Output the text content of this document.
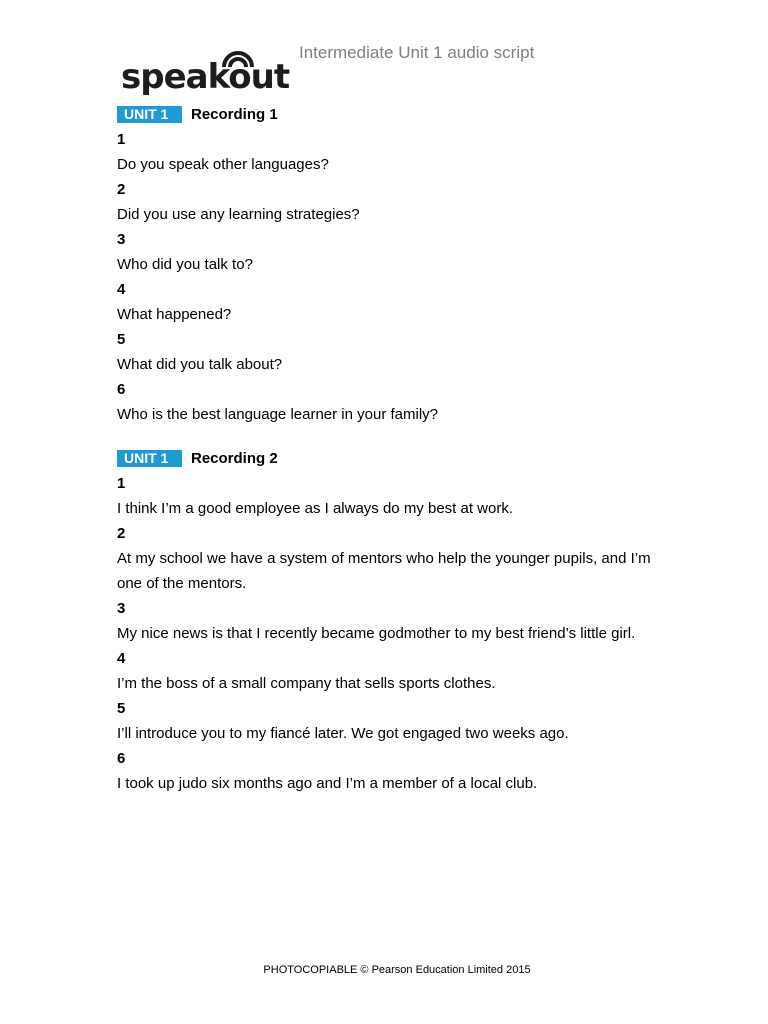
speakout
Intermediate Unit 1 audio script
UNIT 1	Recording 1
1
Do you speak other languages?
2
Did you use any learning strategies?
3
Who did you talk to?
4
What happened?
5
What did you talk about?
6
Who is the best language learner in your family?
UNIT 1	Recording 2
1
I think I’m a good employee as I always do my best at work.
2
At my school we have a system of mentors who help the younger pupils, and I’m one of the mentors.
3
My nice news is that I recently became godmother to my best friend’s little girl.
4
I’m the boss of a small company that sells sports clothes.
5
I’ll introduce you to my fiancé later. We got engaged two weeks ago.
6
I took up judo six months ago and I’m a member of a local club.
PHOTOCOPIABLE © Pearson Education Limited 2015
